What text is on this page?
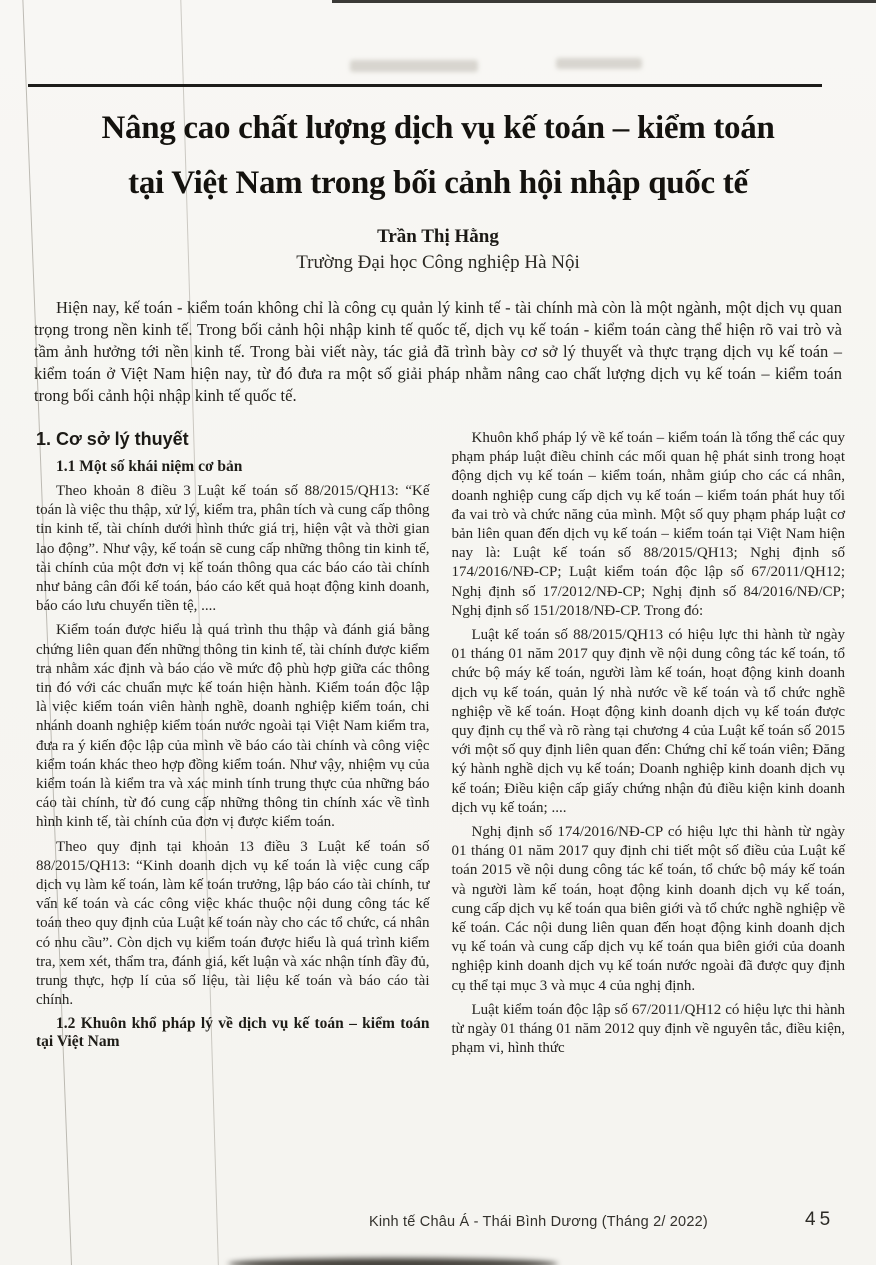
Nâng cao chất lượng dịch vụ kế toán – kiểm toán
tại Việt Nam trong bối cảnh hội nhập quốc tế
Trần Thị Hằng
Trường Đại học Công nghiệp Hà Nội
Hiện nay, kế toán - kiểm toán không chỉ là công cụ quản lý kinh tế - tài chính mà còn là một ngành, một dịch vụ quan trọng trong nền kinh tế. Trong bối cảnh hội nhập kinh tế quốc tế, dịch vụ kế toán - kiểm toán càng thể hiện rõ vai trò và tầm ảnh hưởng tới nền kinh tế. Trong bài viết này, tác giả đã trình bày cơ sở lý thuyết và thực trạng dịch vụ kế toán – kiểm toán ở Việt Nam hiện nay, từ đó đưa ra một số giải pháp nhằm nâng cao chất lượng dịch vụ kế toán – kiểm toán trong bối cảnh hội nhập kinh tế quốc tế.
1. Cơ sở lý thuyết
1.1 Một số khái niệm cơ bản

Theo khoản 8 điều 3 Luật kế toán số 88/2015/QH13: “Kế toán là việc thu thập, xử lý, kiểm tra, phân tích và cung cấp thông tin kinh tế, tài chính dưới hình thức giá trị, hiện vật và thời gian lao động”. Như vậy, kế toán sẽ cung cấp những thông tin kinh tế, tài chính của một đơn vị kế toán thông qua các báo cáo tài chính như bảng cân đối kế toán, báo cáo kết quả hoạt động kinh doanh, báo cáo lưu chuyển tiền tệ, ....

Kiểm toán được hiểu là quá trình thu thập và đánh giá bằng chứng liên quan đến những thông tin kinh tế, tài chính được kiểm tra nhằm xác định và báo cáo về mức độ phù hợp giữa các thông tin đó với các chuẩn mực kế toán hiện hành. Kiểm toán độc lập là việc kiểm toán viên hành nghề, doanh nghiệp kiểm toán, chi nhánh doanh nghiệp kiểm toán nước ngoài tại Việt Nam kiểm tra, đưa ra ý kiến độc lập của mình về báo cáo tài chính và công việc kiểm toán khác theo hợp đồng kiểm toán. Như vậy, nhiệm vụ của kiểm toán là kiểm tra và xác minh tính trung thực của những báo cáo tài chính, từ đó cung cấp những thông tin chính xác về tình hình kinh tế, tài chính của đơn vị được kiểm toán.

Theo quy định tại khoản 13 điều 3 Luật kế toán số 88/2015/QH13: “Kinh doanh dịch vụ kế toán là việc cung cấp dịch vụ làm kế toán, làm kế toán trưởng, lập báo cáo tài chính, tư vấn kế toán và các công việc khác thuộc nội dung công tác kế toán theo quy định của Luật kế toán này cho các tổ chức, cá nhân có nhu cầu”. Còn dịch vụ kiểm toán được hiểu là quá trình kiểm tra, xem xét, thẩm tra, đánh giá, kết luận và xác nhận tính đầy đủ, trung thực, hợp lí của số liệu, tài liệu kế toán và báo cáo tài chính.

1.2 Khuôn khổ pháp lý về dịch vụ kế toán – kiểm toán tại Việt Nam

Khuôn khổ pháp lý về kế toán – kiểm toán là tổng thể các quy phạm pháp luật điều chỉnh các mối quan hệ phát sinh trong hoạt động dịch vụ kế toán – kiểm toán, nhằm giúp cho các cá nhân, doanh nghiệp cung cấp dịch vụ kế toán – kiểm toán phát huy tối đa vai trò và chức năng của mình. Một số quy phạm pháp luật cơ bản liên quan đến dịch vụ kế toán – kiểm toán tại Việt Nam hiện nay là: Luật kế toán số 88/2015/QH13; Nghị định số 174/2016/NĐ-CP; Luật kiểm toán độc lập số 67/2011/QH12; Nghị định số 17/2012/NĐ-CP; Nghị định số 84/2016/NĐ/CP; Nghị định số 151/2018/NĐ-CP. Trong đó:

Luật kế toán số 88/2015/QH13 có hiệu lực thi hành từ ngày 01 tháng 01 năm 2017 quy định về nội dung công tác kế toán, tổ chức bộ máy kế toán, người làm kế toán, hoạt động kinh doanh dịch vụ kế toán, quản lý nhà nước về kế toán và tổ chức nghề nghiệp về kế toán. Hoạt động kinh doanh dịch vụ kế toán được quy định cụ thể và rõ ràng tại chương 4 của Luật kế toán số 2015 với một số quy định liên quan đến: Chứng chỉ kế toán viên; Đăng ký hành nghề dịch vụ kế toán; Doanh nghiệp kinh doanh dịch vụ kế toán; Điều kiện cấp giấy chứng nhận đủ điều kiện kinh doanh dịch vụ kế toán; ....

Nghị định số 174/2016/NĐ-CP có hiệu lực thi hành từ ngày 01 tháng 01 năm 2017 quy định chi tiết một số điều của Luật kế toán 2015 về nội dung công tác kế toán, tổ chức bộ máy kế toán và người làm kế toán, hoạt động kinh doanh dịch vụ kế toán, cung cấp dịch vụ kế toán qua biên giới và tổ chức nghề nghiệp về kế toán. Các nội dung liên quan đến hoạt động kinh doanh dịch vụ kế toán và cung cấp dịch vụ kế toán qua biên giới của doanh nghiệp kinh doanh dịch vụ kế toán nước ngoài đã được quy định cụ thể tại mục 3 và mục 4 của nghị định.

Luật kiểm toán độc lập số 67/2011/QH12 có hiệu lực thi hành từ ngày 01 tháng 01 năm 2012 quy định về nguyên tắc, điều kiện, phạm vi, hình thức

Kinh tế Châu Á - Thái Bình Dương (Tháng 2/ 2022)	45
